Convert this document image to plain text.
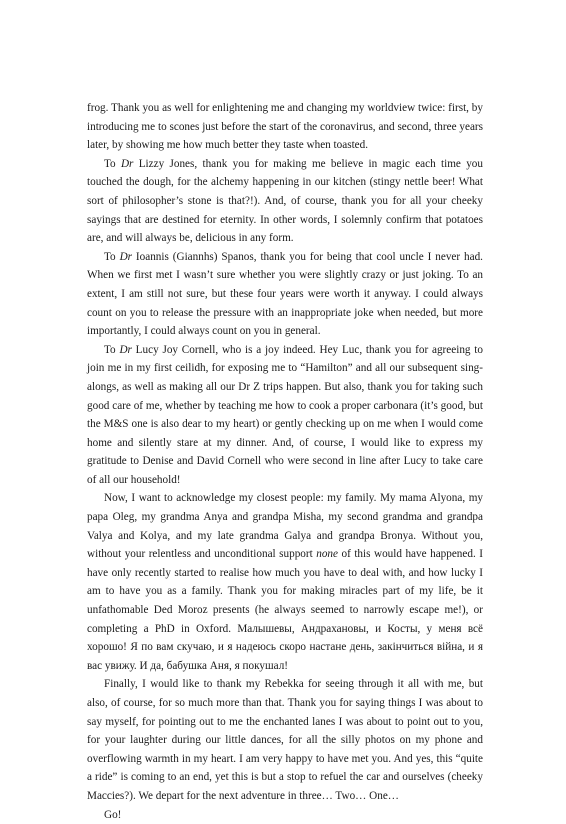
frog. Thank you as well for enlightening me and changing my worldview twice: first, by introducing me to scones just before the start of the coronavirus, and second, three years later, by showing me how much better they taste when toasted.

To Dr Lizzy Jones, thank you for making me believe in magic each time you touched the dough, for the alchemy happening in our kitchen (stingy nettle beer! What sort of philosopher’s stone is that?!). And, of course, thank you for all your cheeky sayings that are destined for eternity. In other words, I solemnly confirm that potatoes are, and will always be, delicious in any form.

To Dr Ioannis (Giannhs) Spanos, thank you for being that cool uncle I never had. When we first met I wasn’t sure whether you were slightly crazy or just joking. To an extent, I am still not sure, but these four years were worth it anyway. I could always count on you to release the pressure with an inappropriate joke when needed, but more importantly, I could always count on you in general.

To Dr Lucy Joy Cornell, who is a joy indeed. Hey Luc, thank you for agreeing to join me in my first ceilidh, for exposing me to “Hamilton” and all our subsequent sing-alongs, as well as making all our Dr Z trips happen. But also, thank you for taking such good care of me, whether by teaching me how to cook a proper carbonara (it’s good, but the M&S one is also dear to my heart) or gently checking up on me when I would come home and silently stare at my dinner. And, of course, I would like to express my gratitude to Denise and David Cornell who were second in line after Lucy to take care of all our household!

Now, I want to acknowledge my closest people: my family. My mama Alyona, my papa Oleg, my grandma Anya and grandpa Misha, my second grandma and grandpa Valya and Kolya, and my late grandma Galya and grandpa Bronya. Without you, without your relentless and unconditional support none of this would have happened. I have only recently started to realise how much you have to deal with, and how lucky I am to have you as a family. Thank you for making miracles part of my life, be it unfathomable Ded Moroz presents (he always seemed to narrowly escape me!), or completing a PhD in Oxford. Малышевы, Андрахановы, и Косты, у меня всё хорошо! Я по вам скучаю, и я надеюсь скоро настане день, закінчиться війна, и я вас увижу. И да, бабушка Аня, я покушал!

Finally, I would like to thank my Rebekka for seeing through it all with me, but also, of course, for so much more than that. Thank you for saying things I was about to say myself, for pointing out to me the enchanted lanes I was about to point out to you, for your laughter during our little dances, for all the silly photos on my phone and overflowing warmth in my heart. I am very happy to have met you. And yes, this “quite a ride” is coming to an end, yet this is but a stop to refuel the car and ourselves (cheeky Maccies?). We depart for the next adventure in three… Two… One…

Go!
